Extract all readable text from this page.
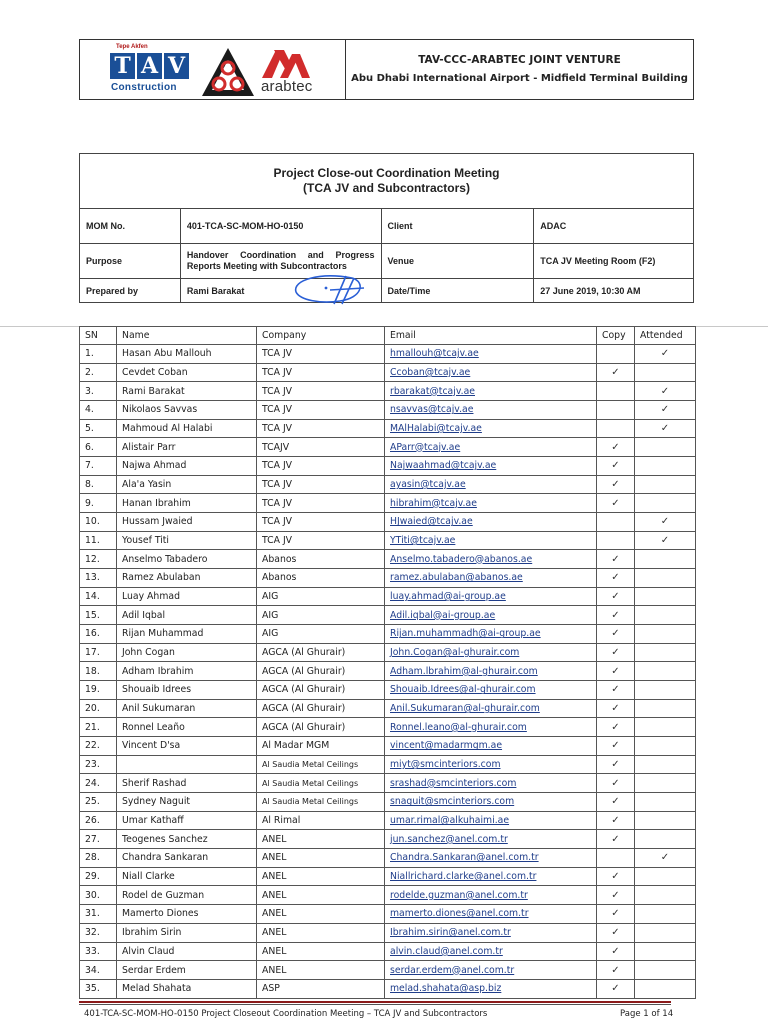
Tepe Akfen
T A V
Construction	arabtec
TAV-CCC-ARABTEC JOINT VENTURE
Abu Dhabi International Airport - Midfield Terminal Building
Project Close-out Coordination Meeting
(TCA JV and Subcontractors)			
MOM No.	401-TCA-SC-MOM-HO-0150	Client	ADAC
Purpose	Handover Coordination and Progress Reports Meeting with Subcontractors	Venue	TCA JV Meeting Room (F2)
Prepared by	Rami Barakat	Date/Time	27 June 2019, 10:30 AM
SN	Name	Company	Email	Copy	Attended
1.	Hasan Abu Mallouh	TCA JV	hmallouh@tcajv.ae		✓
2.	Cevdet Coban	TCA JV	Ccoban@tcajv.ae	✓	
3.	Rami Barakat	TCA JV	rbarakat@tcajv.ae		✓
4.	Nikolaos Savvas	TCA JV	nsavvas@tcajv.ae		✓
5.	Mahmoud Al Halabi	TCA JV	MAlHalabi@tcajv.ae		✓
6.	Alistair Parr	TCAJV	AParr@tcajv.ae	✓	
7.	Najwa Ahmad	TCA JV	Najwaahmad@tcajv.ae	✓	
8.	Ala'a Yasin	TCA JV	ayasin@tcajv.ae	✓	
9.	Hanan Ibrahim	TCA JV	hibrahim@tcajv.ae	✓	
10.	Hussam Jwaied	TCA JV	HJwaied@tcajv.ae		✓
11.	Yousef Titi	TCA JV	YTiti@tcajv.ae		✓
12.	Anselmo Tabadero	Abanos	Anselmo.tabadero@abanos.ae	✓	
13.	Ramez Abulaban	Abanos	ramez.abulaban@abanos.ae	✓	
14.	Luay Ahmad	AIG	luay.ahmad@ai-group.ae	✓	
15.	Adil Iqbal	AIG	Adil.iqbal@ai-group.ae	✓	
16.	Rijan Muhammad	AIG	Rijan.muhammadh@ai-group.ae	✓	
17.	John Cogan	AGCA (Al Ghurair)	John.Cogan@al-ghurair.com	✓	
18.	Adham Ibrahim	AGCA (Al Ghurair)	Adham.lbrahim@al-ghurair.com	✓	
19.	Shouaib Idrees	AGCA (Al Ghurair)	Shouaib.Idrees@al-ghurair.com	✓	
20.	Anil Sukumaran	AGCA (Al Ghurair)	Anil.Sukumaran@al-ghurair.com	✓	
21.	Ronnel Leaño	AGCA (Al Ghurair)	Ronnel.leano@al-ghurair.com	✓	
22.	Vincent D'sa	Al Madar MGM	vincent@madarmgm.ae	✓	
23.		Al Saudia Metal Ceilings	miyt@smcinteriors.com	✓	
24.	Sherif Rashad	Al Saudia Metal Ceilings	srashad@smcinteriors.com	✓	
25.	Sydney Naguit	Al Saudia Metal Ceilings	snaguit@smcinteriors.com	✓	
26.	Umar Kathaff	Al Rimal	umar.rimal@alkuhaimi.ae	✓	
27.	Teogenes Sanchez	ANEL	jun.sanchez@anel.com.tr	✓	
28.	Chandra Sankaran	ANEL	Chandra.Sankaran@anel.com.tr		✓
29.	Niall Clarke	ANEL	Niallrichard.clarke@anel.com.tr	✓	
30.	Rodel de Guzman	ANEL	rodelde.guzman@anel.com.tr	✓	
31.	Mamerto Diones	ANEL	mamerto.diones@anel.com.tr	✓	
32.	Ibrahim Sirin	ANEL	Ibrahim.sirin@anel.com.tr	✓	
33.	Alvin Claud	ANEL	alvin.claud@anel.com.tr	✓	
34.	Serdar Erdem	ANEL	serdar.erdem@anel.com.tr	✓	
35.	Melad Shahata	ASP	melad.shahata@asp.biz	✓	
401-TCA-SC-MOM-HO-0150 Project Closeout Coordination Meeting – TCA JV and Subcontractors	Page 1 of 14
